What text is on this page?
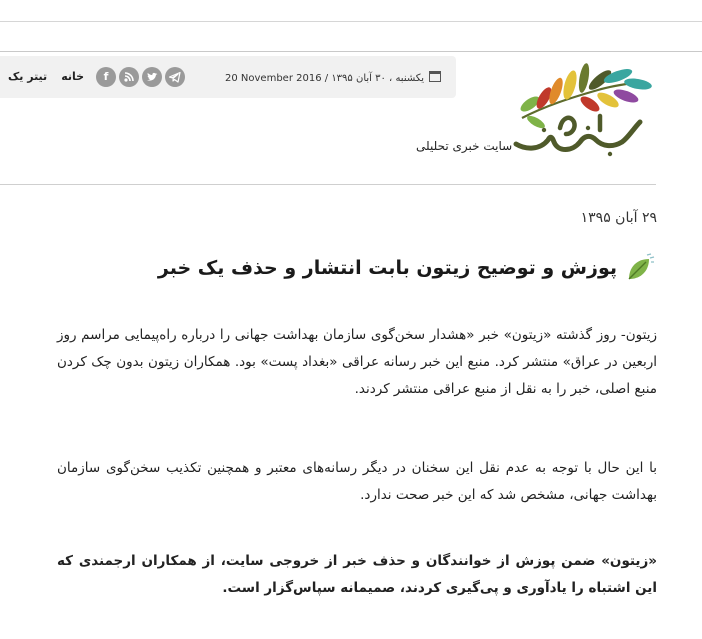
خانه
تیتر یک	f	20 November 2016 / یکشنبه ، ۳۰ آبان ۱۳۹۵
سایت خبری تحلیلی
۲۹ آبان ۱۳۹۵
پوزش و توضیح زیتون بابت انتشار و حذف یک خبر

زیتون- روز گذشته «زیتون» خبر «هشدار سخن‌گوی سازمان بهداشت جهانی را درباره راه‌پیمایی مراسم روز اربعین در عراق» منتشر کرد. منبع این خبر رسانه عراقی «بغداد پست» بود. همکاران زیتون بدون چک کردن منبع اصلی، خبر را به نقل از منبع عراقی منتشر کردند.

با این حال با توجه به عدم نقل این سخنان در دیگر رسانه‌های معتبر و همچنین تکذیب سخن‌گوی سازمان بهداشت جهانی، مشخص شد که این خبر صحت ندارد.

«زیتون» ضمن پوزش از خوانندگان و حذف خبر از خروجی سایت، از همکاران ارجمندی که این اشتباه را یادآوری و پی‌گیری کردند، صمیمانه سپاس‌گزار است.
